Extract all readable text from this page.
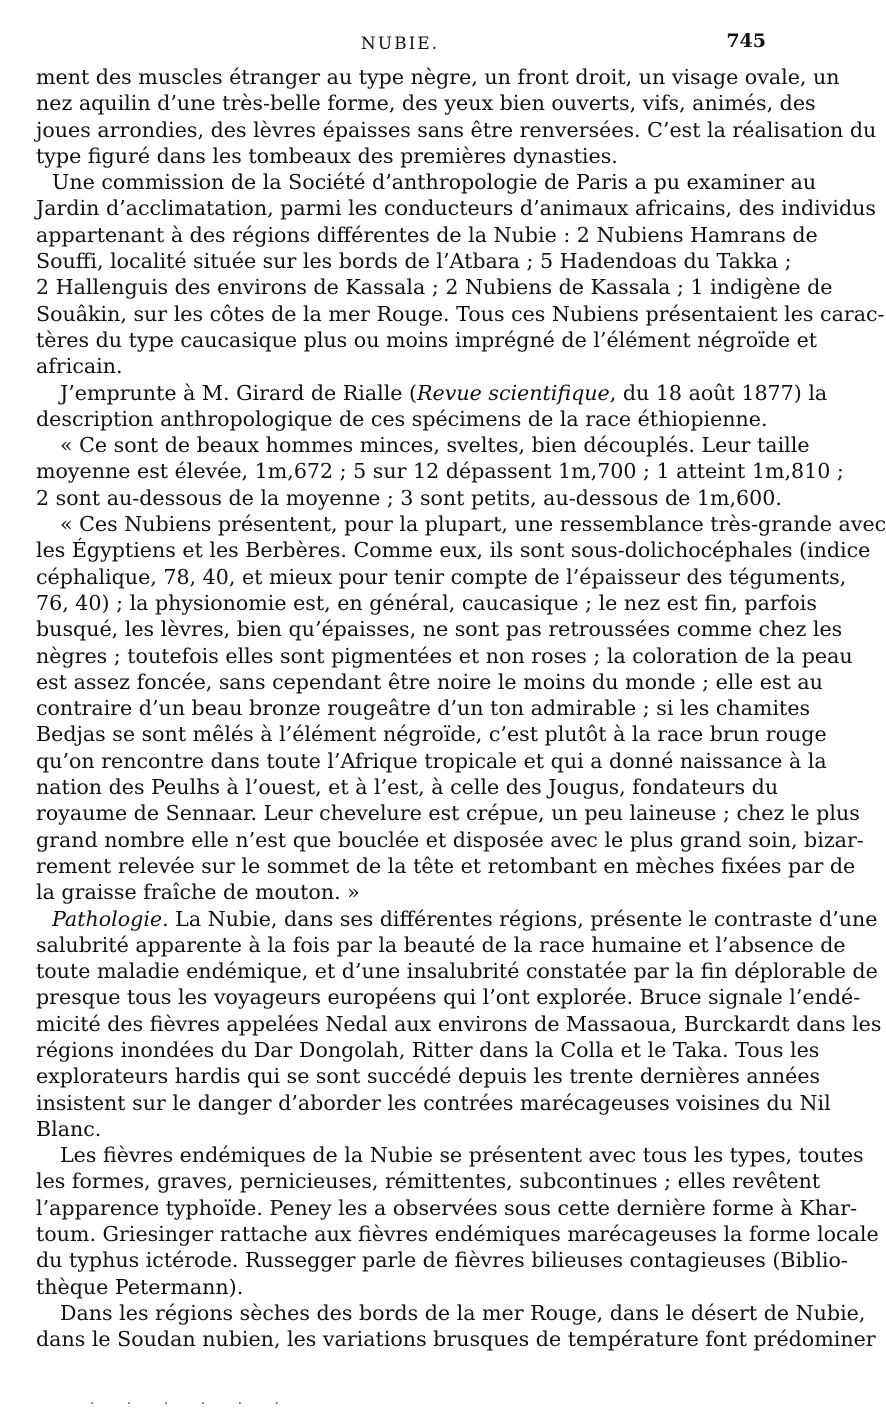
NUBIE.	745
ment des muscles étranger au type nègre, un front droit, un visage ovale, un
nez aquilin d’une très-belle forme, des yeux bien ouverts, vifs, animés, des
joues arrondies, des lèvres épaisses sans être renversées. C’est la réalisation du
type figuré dans les tombeaux des premières dynasties.
Une commission de la Société d’anthropologie de Paris a pu examiner au
Jardin d’acclimatation, parmi les conducteurs d’animaux africains, des individus
appartenant à des régions différentes de la Nubie : 2 Nubiens Hamrans de
Souffi, localité située sur les bords de l’Atbara ; 5 Hadendoas du Takka ;
2 Hallenguis des environs de Kassala ; 2 Nubiens de Kassala ; 1 indigène de
Souâkin, sur les côtes de la mer Rouge. Tous ces Nubiens présentaient les carac-
tères du type caucasique plus ou moins imprégné de l’élément négroïde et
africain.
J’emprunte à M. Girard de Rialle (Revue scientifique, du 18 août 1877) la
description anthropologique de ces spécimens de la race éthiopienne.
« Ce sont de beaux hommes minces, sveltes, bien découplés. Leur taille
moyenne est élevée, 1m,672 ; 5 sur 12 dépassent 1m,700 ; 1 atteint 1m,810 ;
2 sont au-dessous de la moyenne ; 3 sont petits, au-dessous de 1m,600.
« Ces Nubiens présentent, pour la plupart, une ressemblance très-grande avec
les Égyptiens et les Berbères. Comme eux, ils sont sous-dolichocéphales (indice
céphalique, 78, 40, et mieux pour tenir compte de l’épaisseur des téguments,
76, 40) ; la physionomie est, en général, caucasique ; le nez est fin, parfois
busqué, les lèvres, bien qu’épaisses, ne sont pas retroussées comme chez les
nègres ; toutefois elles sont pigmentées et non roses ; la coloration de la peau
est assez foncée, sans cependant être noire le moins du monde ; elle est au
contraire d’un beau bronze rougeâtre d’un ton admirable ; si les chamites
Bedjas se sont mêlés à l’élément négroïde, c’est plutôt à la race brun rouge
qu’on rencontre dans toute l’Afrique tropicale et qui a donné naissance à la
nation des Peulhs à l’ouest, et à l’est, à celle des Jougus, fondateurs du
royaume de Sennaar. Leur chevelure est crépue, un peu laineuse ; chez le plus
grand nombre elle n’est que bouclée et disposée avec le plus grand soin, bizar-
rement relevée sur le sommet de la tête et retombant en mèches fixées par de
la graisse fraîche de mouton. »
Pathologie. La Nubie, dans ses différentes régions, présente le contraste d’une
salubrité apparente à la fois par la beauté de la race humaine et l’absence de
toute maladie endémique, et d’une insalubrité constatée par la fin déplorable de
presque tous les voyageurs européens qui l’ont explorée. Bruce signale l’endé-
micité des fièvres appelées Nedal aux environs de Massaoua, Burckardt dans les
régions inondées du Dar Dongolah, Ritter dans la Colla et le Taka. Tous les
explorateurs hardis qui se sont succédé depuis les trente dernières années
insistent sur le danger d’aborder les contrées marécageuses voisines du Nil
Blanc.
Les fièvres endémiques de la Nubie se présentent avec tous les types, toutes
les formes, graves, pernicieuses, rémittentes, subcontinues ; elles revêtent
l’apparence typhoïde. Peney les a observées sous cette dernière forme à Khar-
toum. Griesinger rattache aux fièvres endémiques marécageuses la forme locale
du typhus ictérode. Russegger parle de fièvres bilieuses contagieuses (Biblio-
thèque Petermann).
Dans les régions sèches des bords de la mer Rouge, dans le désert de Nubie,
dans le Soudan nubien, les variations brusques de température font prédominer
. . . . . .
